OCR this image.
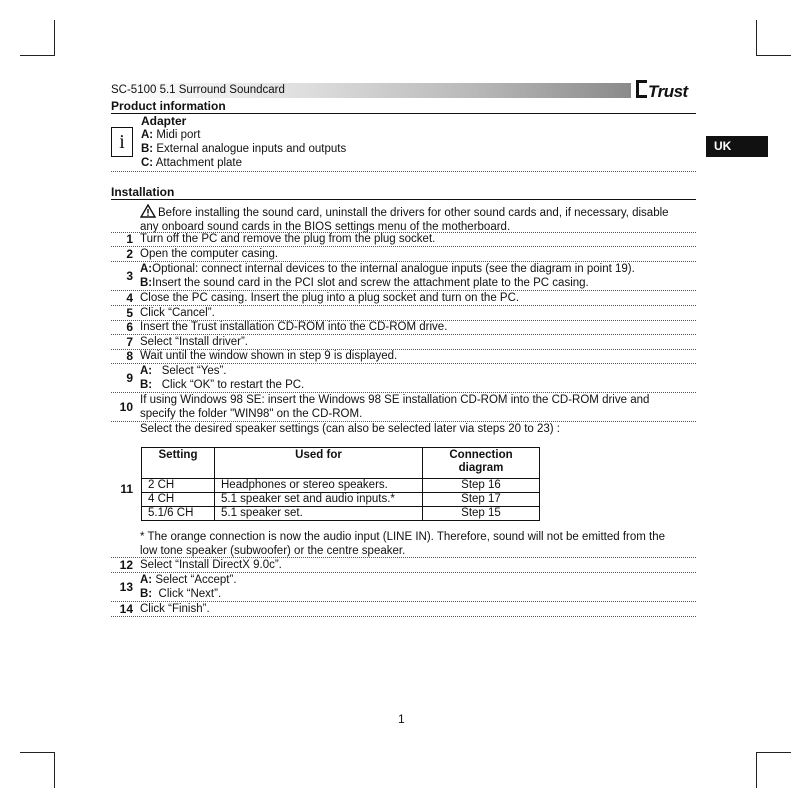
SC-5100 5.1 Surround Soundcard	Trust
UK
Product information
i
Adapter
A: Midi port
B: External analogue inputs and outputs
C: Attachment plate
Installation
Before installing the sound card, uninstall the drivers for other sound cards and, if necessary, disable
any onboard sound cards in the BIOS settings menu of the motherboard.
1 Turn off the PC and remove the plug from the plug socket.
2 Open the computer casing.
3 A:Optional: connect internal devices to the internal analogue inputs (see the diagram in point 19).
B:Insert the sound card in the PCI slot and screw the attachment plate to the PC casing.
4 Close the PC casing. Insert the plug into a plug socket and turn on the PC.
5 Click “Cancel”.
6 Insert the Trust installation CD-ROM into the CD-ROM drive.
7 Select “Install driver”.
8 Wait until the window shown in step 9 is displayed.
9 A: Select “Yes”.
B: Click “OK” to restart the PC.
10 If using Windows 98 SE: insert the Windows 98 SE installation CD-ROM into the CD-ROM drive and
specify the folder "WIN98" on the CD-ROM.
11
Select the desired speaker settings (can also be selected later via steps 20 to 23) :
Setting	Used for	Connection diagram
2 CH	Headphones or stereo speakers.	Step 16
4 CH	5.1 speaker set and audio inputs.*	Step 17
5.1/6 CH	5.1 speaker set.	Step 15
* The orange connection is now the audio input (LINE IN). Therefore, sound will not be emitted from the
low tone speaker (subwoofer) or the centre speaker.
12 Select “Install DirectX 9.0c”.
13 A: Select “Accept”.
B: Click “Next”.
14 Click “Finish”.
1
